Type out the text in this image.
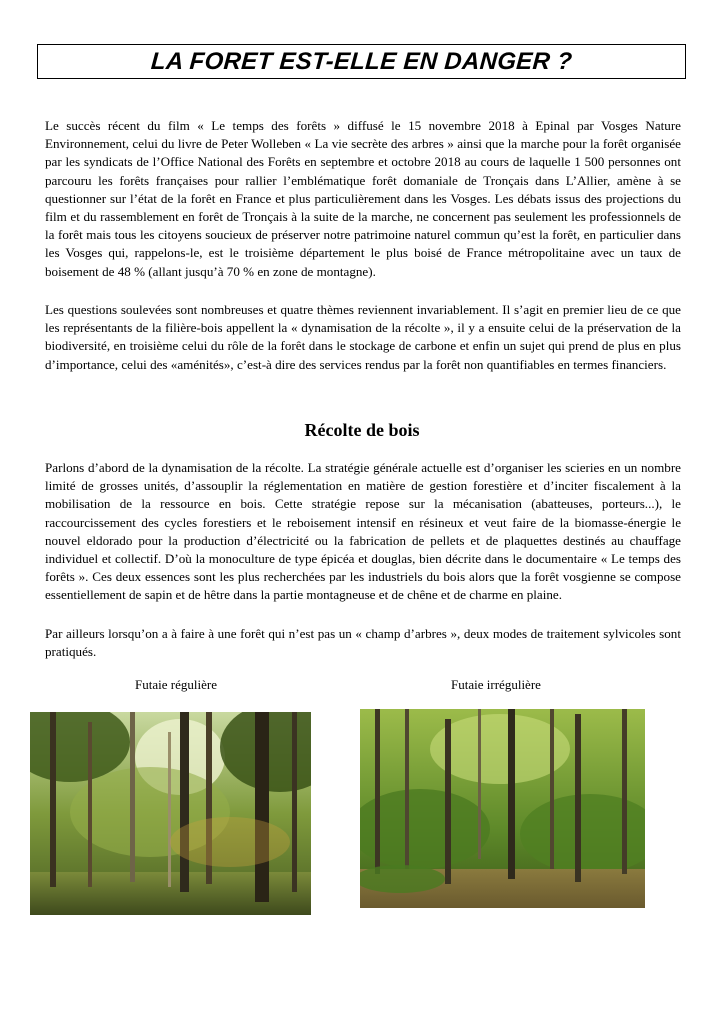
LA FORET EST-ELLE EN DANGER ?

Le succès récent du film « Le temps des forêts » diffusé le 15 novembre 2018 à Epinal par Vosges Nature Environnement, celui du livre de Peter Wolleben « La vie secrète des arbres » ainsi que la marche pour la forêt organisée par les syndicats de l’Office National des Forêts en septembre et octobre 2018 au cours de laquelle 1 500 personnes ont parcouru les forêts françaises pour rallier l’emblématique forêt domaniale de Tronçais dans L’Allier, amène à se questionner sur l’état de la forêt en France et plus particulièrement dans les Vosges. Les débats issus des projections du film et du rassemblement en forêt de Tronçais à la suite de la marche, ne concernent pas seulement les professionnels de la forêt mais tous les citoyens soucieux de préserver notre patrimoine naturel commun qu’est la forêt, en particulier dans les Vosges qui, rappelons-le, est le troisième département le plus boisé de France métropolitaine avec un taux de boisement de 48 % (allant jusqu’à 70 % en zone de montagne).

Les questions soulevées sont nombreuses et quatre thèmes reviennent invariablement. Il s’agit en premier lieu de ce que les représentants de la filière-bois appellent la « dynamisation de la récolte », il y a ensuite celui de la préservation de la biodiversité, en troisième celui du rôle de la forêt dans le stockage de carbone et enfin un sujet qui prend de plus en plus d’importance, celui des «aménités», c’est-à dire des services rendus par la forêt non quantifiables en termes financiers.

Récolte de bois

Parlons d’abord de la dynamisation de la récolte. La stratégie générale actuelle est d’organiser les scieries en un nombre limité de grosses unités, d’assouplir la réglementation en matière de gestion forestière et d’inciter fiscalement à la mobilisation de la ressource en bois. Cette stratégie repose sur la mécanisation (abatteuses, porteurs...), le raccourcissement des cycles forestiers et le reboisement intensif en résineux et veut faire de la biomasse-énergie le nouvel eldorado pour la production d’électricité ou la fabrication de pellets et de plaquettes destinés au chauffage individuel et collectif. D’où la monoculture de type épicéa et douglas, bien décrite dans le documentaire « Le temps des forêts ». Ces deux essences sont les plus recherchées par les industriels du bois alors que la forêt vosgienne se compose essentiellement de sapin et de hêtre dans la partie montagneuse et de chêne et de charme en plaine.

Par ailleurs lorsqu’on a à faire à une forêt qui n’est pas un « champ d’arbres », deux modes de traitement sylvicoles sont pratiqués.

Futaie régulière	Futaie irrégulière
